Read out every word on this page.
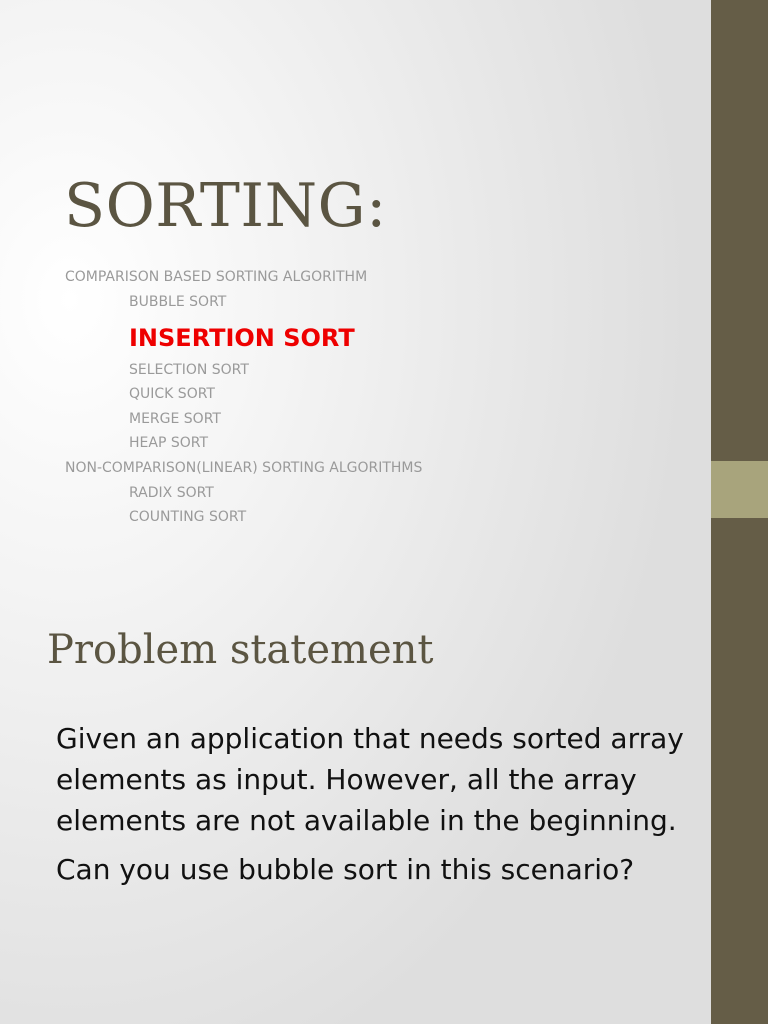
SORTING:
COMPARISON BASED SORTING ALGORITHM
BUBBLE SORT
INSERTION SORT
SELECTION SORT
QUICK SORT
MERGE SORT
HEAP SORT
NON-COMPARISON(LINEAR) SORTING ALGORITHMS
RADIX SORT
COUNTING SORT
Problem statement

Given an application that needs sorted array elements as input. However, all the array elements are not available in the beginning.

Can you use bubble sort in this scenario?
